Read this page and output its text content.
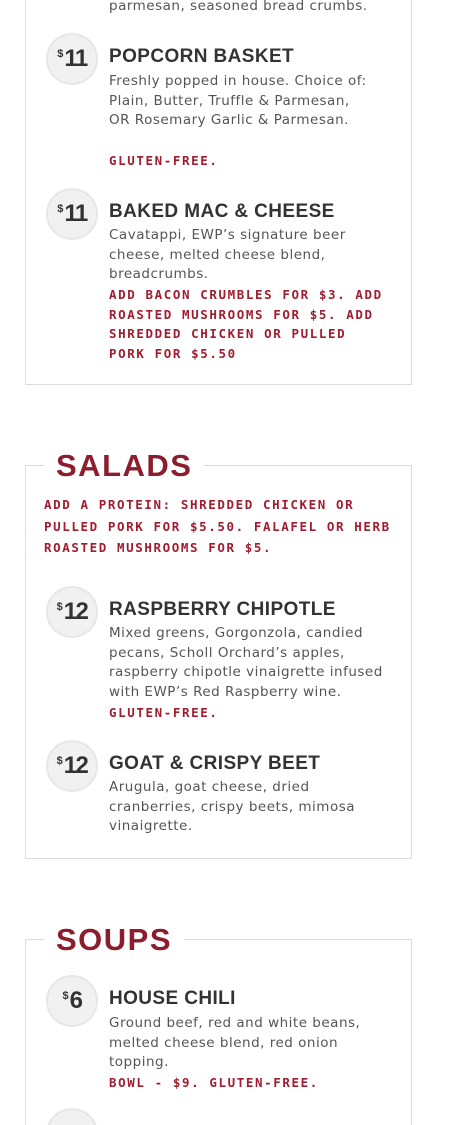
parmesan, seasoned bread crumbs.
$ 11 POPCORN BASKET
Freshly popped in house. Choice of: Plain, Butter, Truffle & Parmesan, OR Rosemary Garlic & Parmesan.
GLUTEN-FREE.
$ 11 BAKED MAC & CHEESE
Cavatappi, EWP’s signature beer cheese, melted cheese blend, breadcrumbs.
ADD BACON CRUMBLES FOR $3. ADD ROASTED MUSHROOMS FOR $5. ADD SHREDDED CHICKEN OR PULLED PORK FOR $5.50
SALADS
ADD A PROTEIN: SHREDDED CHICKEN OR PULLED PORK FOR $5.50. FALAFEL OR HERB ROASTED MUSHROOMS FOR $5.
$ 12 RASPBERRY CHIPOTLE
Mixed greens, Gorgonzola, candied pecans, Scholl Orchard’s apples, raspberry chipotle vinaigrette infused with EWP’s Red Raspberry wine.
GLUTEN-FREE.
$ 12 GOAT & CRISPY BEET
Arugula, goat cheese, dried cranberries, crispy beets, mimosa vinaigrette.
SOUPS
$ 6 HOUSE CHILI
Ground beef, red and white beans, melted cheese blend, red onion topping.
BOWL - $9. GLUTEN-FREE.
